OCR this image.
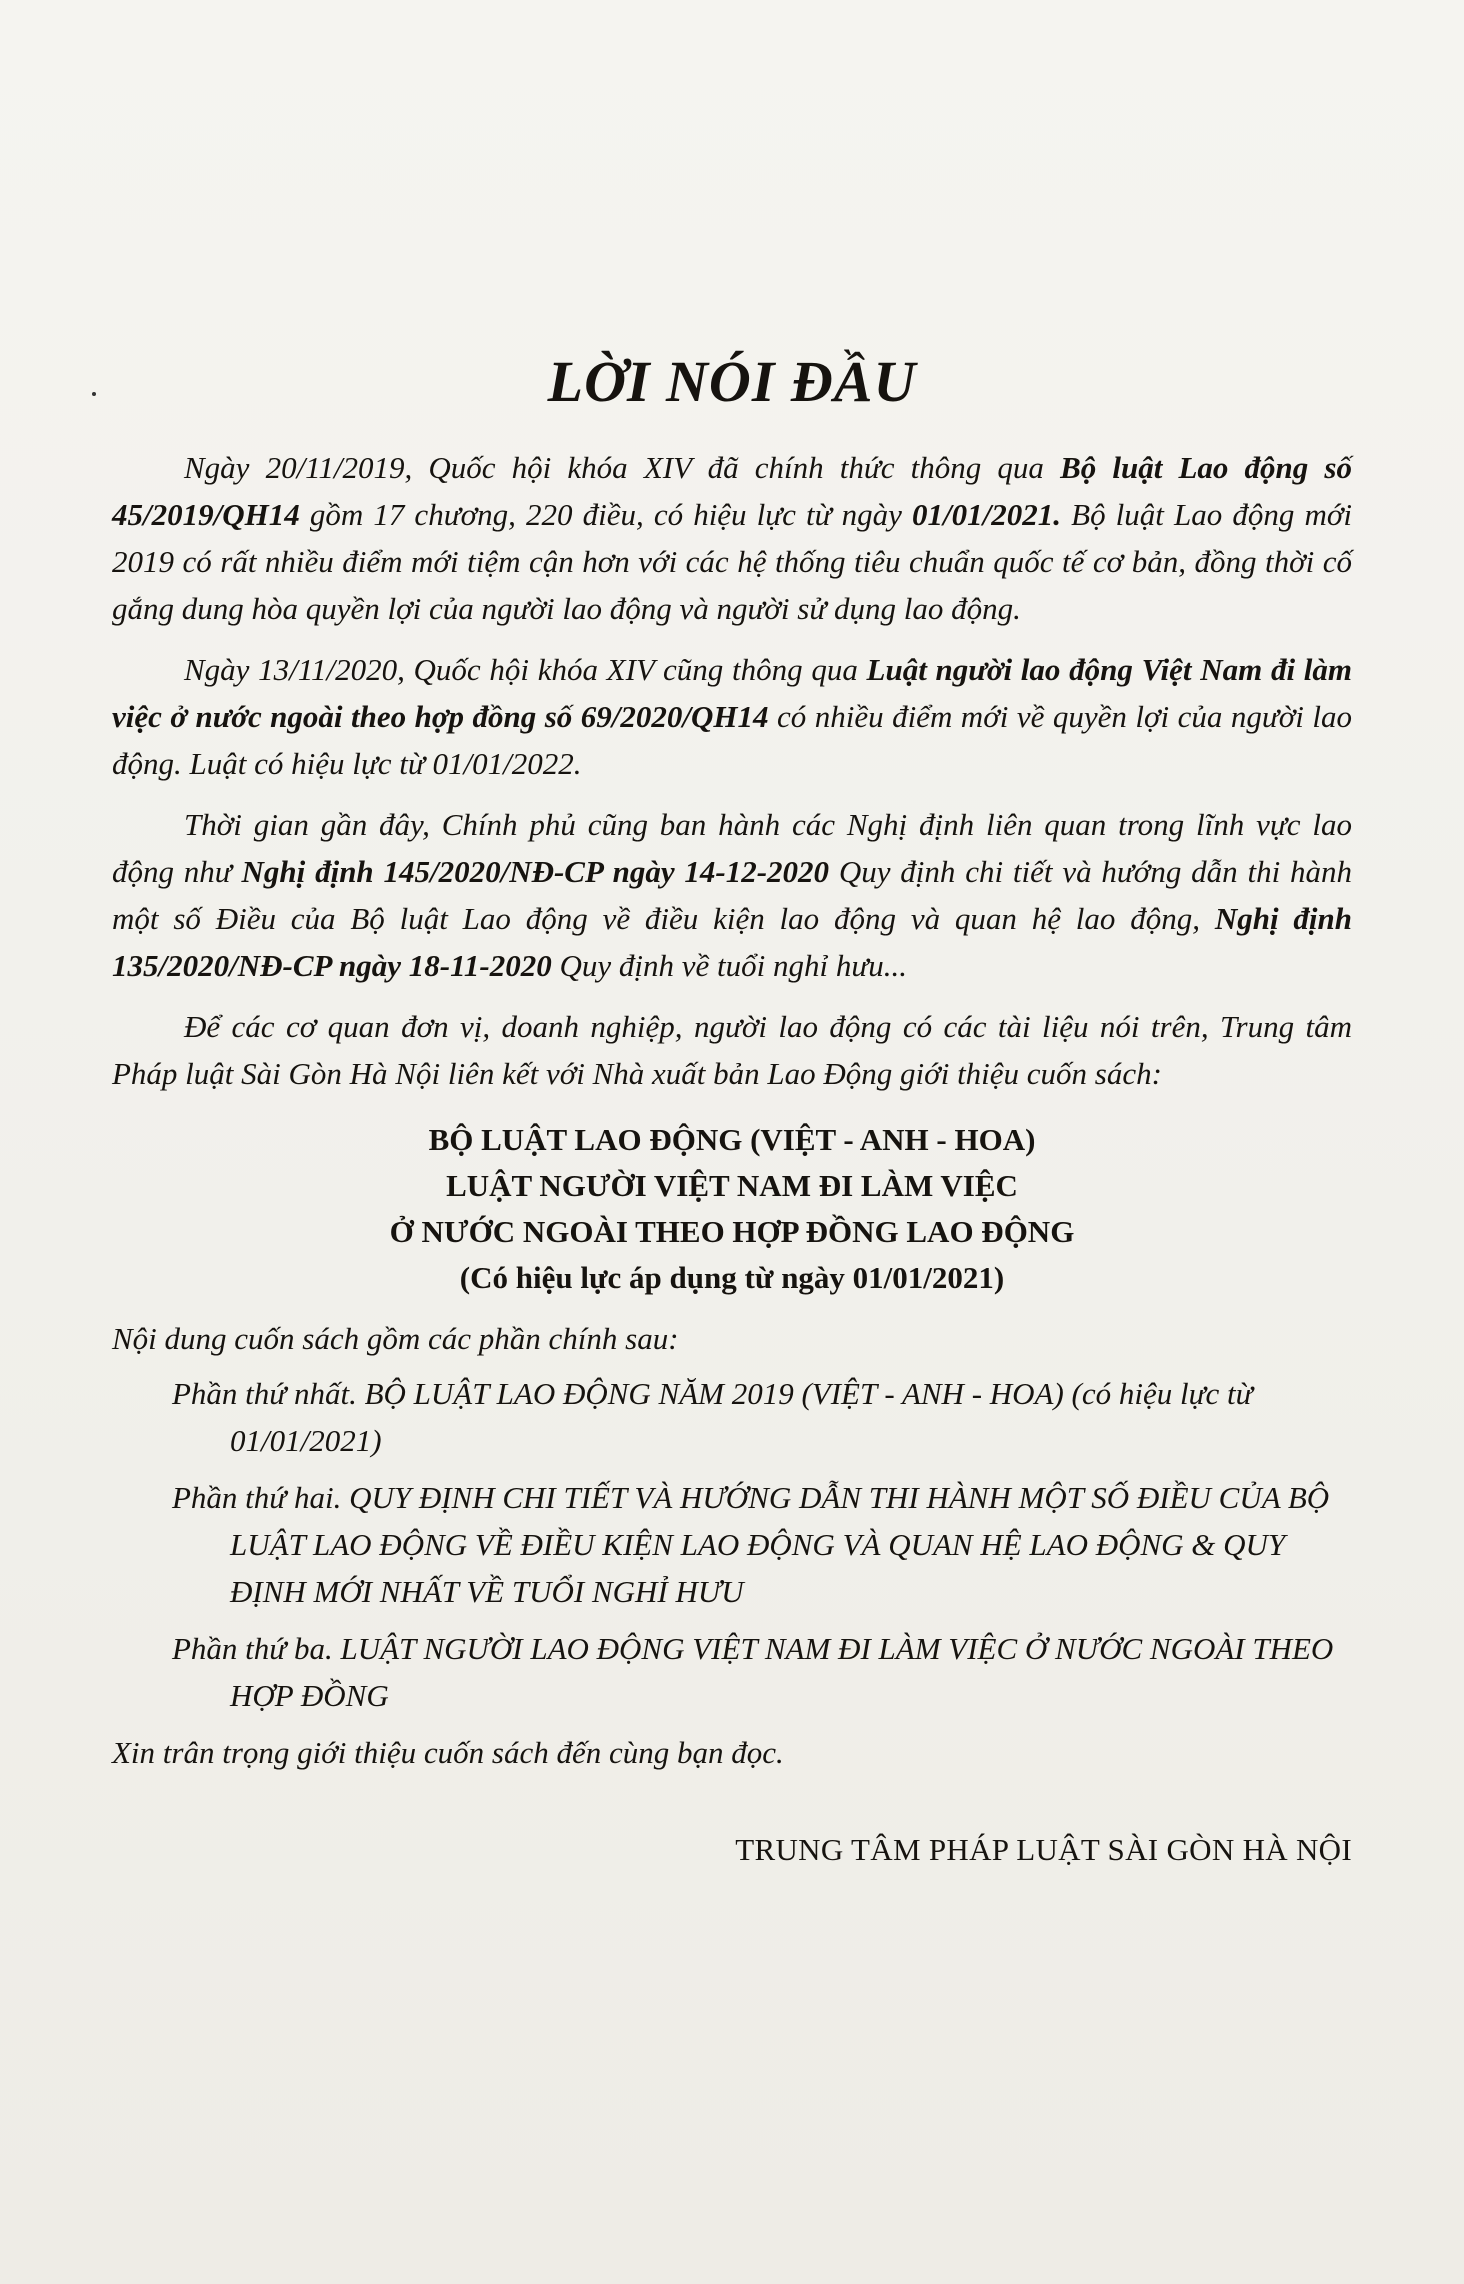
LỜI NÓI ĐẦU

Ngày 20/11/2019, Quốc hội khóa XIV đã chính thức thông qua Bộ luật Lao động số 45/2019/QH14 gồm 17 chương, 220 điều, có hiệu lực từ ngày 01/01/2021. Bộ luật Lao động mới 2019 có rất nhiều điểm mới tiệm cận hơn với các hệ thống tiêu chuẩn quốc tế cơ bản, đồng thời cố gắng dung hòa quyền lợi của người lao động và người sử dụng lao động.

Ngày 13/11/2020, Quốc hội khóa XIV cũng thông qua Luật người lao động Việt Nam đi làm việc ở nước ngoài theo hợp đồng số 69/2020/QH14 có nhiều điểm mới về quyền lợi của người lao động. Luật có hiệu lực từ 01/01/2022.

Thời gian gần đây, Chính phủ cũng ban hành các Nghị định liên quan trong lĩnh vực lao động như Nghị định 145/2020/NĐ-CP ngày 14-12-2020 Quy định chi tiết và hướng dẫn thi hành một số Điều của Bộ luật Lao động về điều kiện lao động và quan hệ lao động, Nghị định 135/2020/NĐ-CP ngày 18-11-2020 Quy định về tuổi nghỉ hưu...

Để các cơ quan đơn vị, doanh nghiệp, người lao động có các tài liệu nói trên, Trung tâm Pháp luật Sài Gòn Hà Nội liên kết với Nhà xuất bản Lao Động giới thiệu cuốn sách:

BỘ LUẬT LAO ĐỘNG (VIỆT - ANH - HOA)
LUẬT NGƯỜI VIỆT NAM ĐI LÀM VIỆC
Ở NƯỚC NGOÀI THEO HỢP ĐỒNG LAO ĐỘNG
(Có hiệu lực áp dụng từ ngày 01/01/2021)
Nội dung cuốn sách gồm các phần chính sau:
Phần thứ nhất. BỘ LUẬT LAO ĐỘNG NĂM 2019 (VIỆT - ANH - HOA) (có hiệu lực từ 01/01/2021)
Phần thứ hai. QUY ĐỊNH CHI TIẾT VÀ HƯỚNG DẪN THI HÀNH MỘT SỐ ĐIỀU CỦA BỘ LUẬT LAO ĐỘNG VỀ ĐIỀU KIỆN LAO ĐỘNG VÀ QUAN HỆ LAO ĐỘNG & QUY ĐỊNH MỚI NHẤT VỀ TUỔI NGHỈ HƯU
Phần thứ ba. LUẬT NGƯỜI LAO ĐỘNG VIỆT NAM ĐI LÀM VIỆC Ở NƯỚC NGOÀI THEO HỢP ĐỒNG
Xin trân trọng giới thiệu cuốn sách đến cùng bạn đọc.
TRUNG TÂM PHÁP LUẬT SÀI GÒN HÀ NỘI
